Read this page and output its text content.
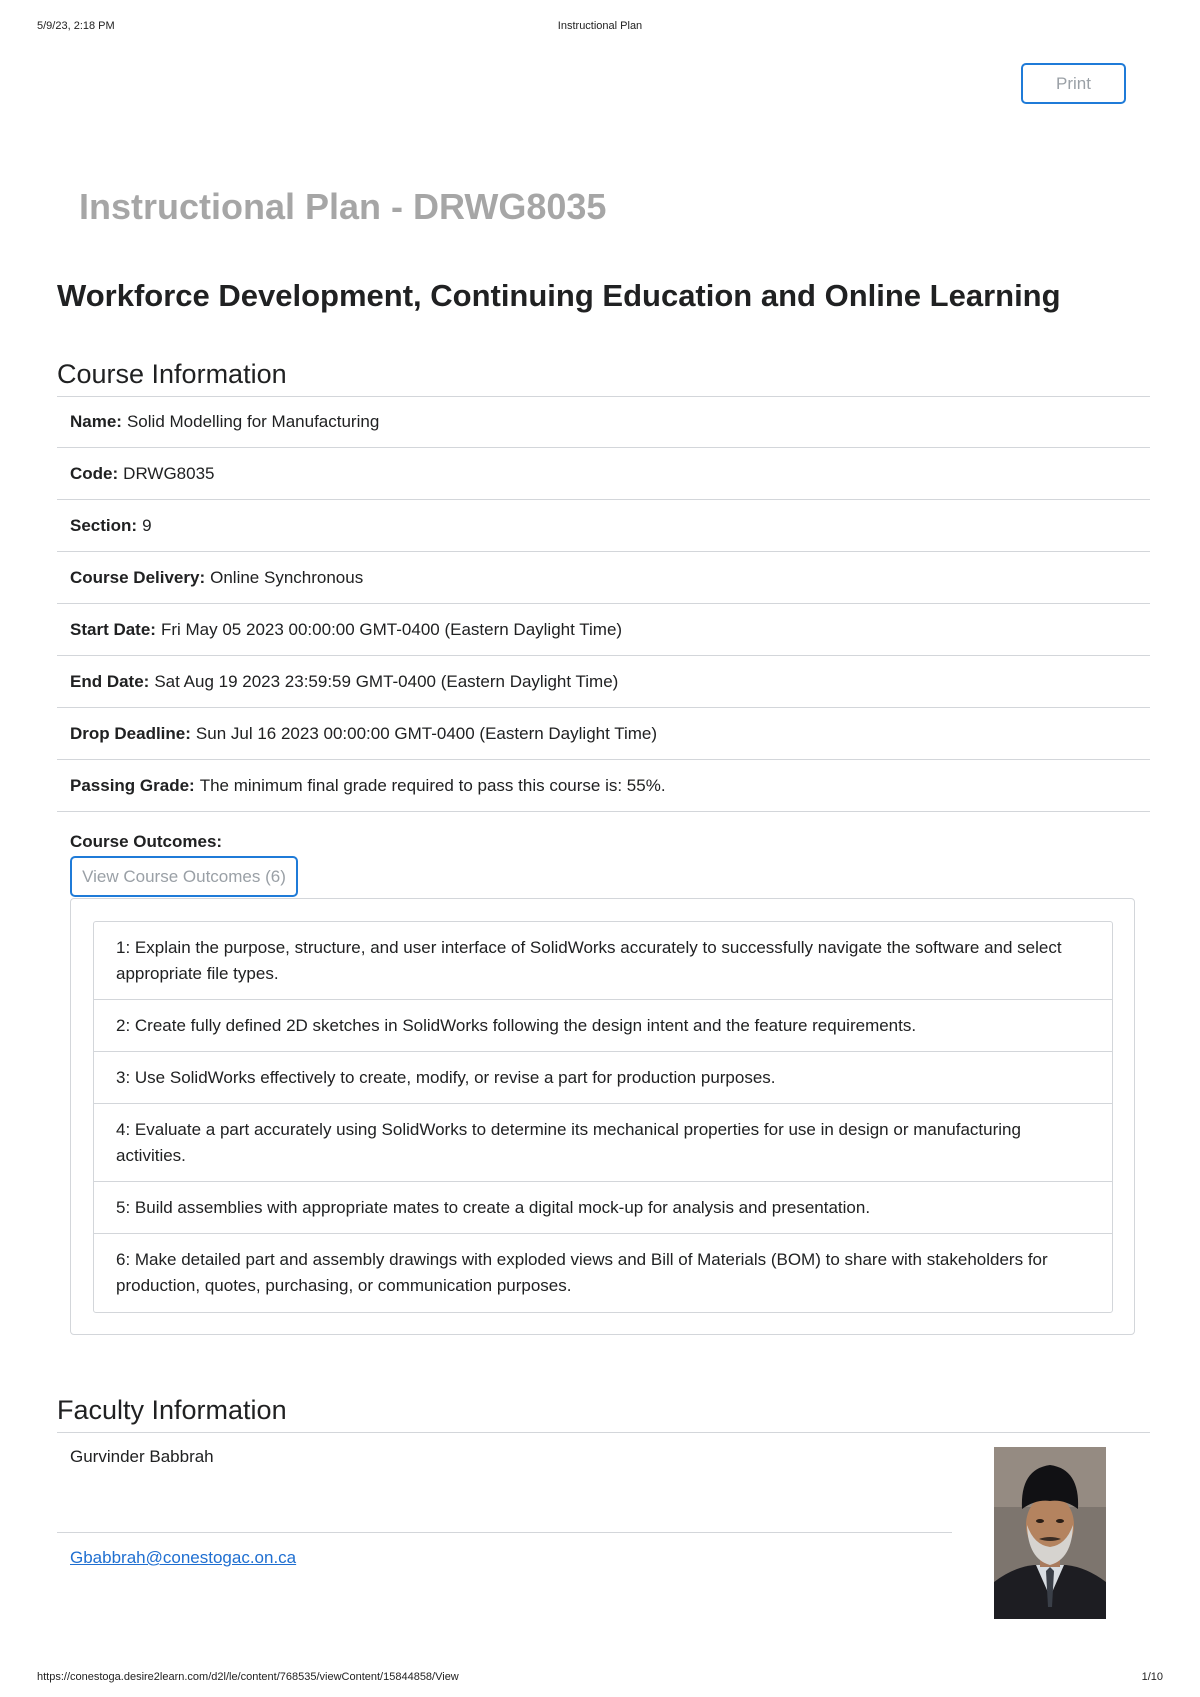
5/9/23, 2:18 PM	Instructional Plan
Print
Instructional Plan - DRWG8035
Workforce Development, Continuing Education and Online Learning
Course Information
Name: Solid Modelling for Manufacturing
Code: DRWG8035
Section: 9
Course Delivery: Online Synchronous
Start Date: Fri May 05 2023 00:00:00 GMT-0400 (Eastern Daylight Time)
End Date: Sat Aug 19 2023 23:59:59 GMT-0400 (Eastern Daylight Time)
Drop Deadline: Sun Jul 16 2023 00:00:00 GMT-0400 (Eastern Daylight Time)
Passing Grade: The minimum final grade required to pass this course is: 55%.
Course Outcomes:
View Course Outcomes (6)
1: Explain the purpose, structure, and user interface of SolidWorks accurately to successfully navigate the software and select appropriate file types.
2: Create fully defined 2D sketches in SolidWorks following the design intent and the feature requirements.
3: Use SolidWorks effectively to create, modify, or revise a part for production purposes.
4: Evaluate a part accurately using SolidWorks to determine its mechanical properties for use in design or manufacturing activities.
5: Build assemblies with appropriate mates to create a digital mock-up for analysis and presentation.
6: Make detailed part and assembly drawings with exploded views and Bill of Materials (BOM) to share with stakeholders for production, quotes, purchasing, or communication purposes.
Faculty Information
Gurvinder Babbrah
Gbabbrah@conestogac.on.ca
https://conestoga.desire2learn.com/d2l/le/content/768535/viewContent/15844858/View	1/10
